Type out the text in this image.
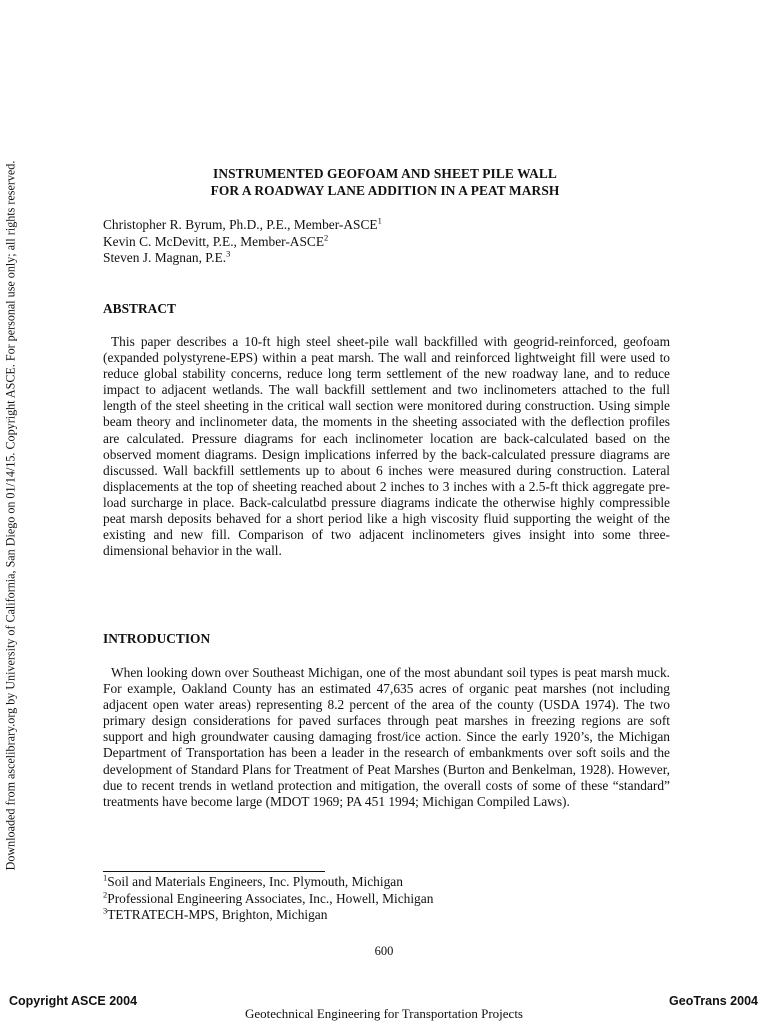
Downloaded from ascelibrary.org by University of California, San Diego on 01/14/15. Copyright ASCE. For personal use only; all rights reserved.	INSTRUMENTED GEOFOAM AND SHEET PILE WALL
FOR A ROADWAY LANE ADDITION IN A PEAT MARSH
Christopher R. Byrum, Ph.D., P.E., Member-ASCE$^1$
Kevin C. McDevitt, P.E., Member-ASCE$^2$
Steven J. Magnan, P.E.$^3$
ABSTRACT

This paper describes a 10-ft high steel sheet-pile wall backfilled with geogrid-reinforced, geofoam (expanded polystyrene-EPS) within a peat marsh. The wall and reinforced lightweight fill were used to reduce global stability concerns, reduce long term settlement of the new roadway lane, and to reduce impact to adjacent wetlands. The wall backfill settlement and two inclinometers attached to the full length of the steel sheeting in the critical wall section were monitored during construction. Using simple beam theory and inclinometer data, the moments in the sheeting associated with the deflection profiles are calculated. Pressure diagrams for each inclinometer location are back-calculated based on the observed moment diagrams. Design implications inferred by the back-calculated pressure diagrams are discussed. Wall backfill settlements up to about 6 inches were measured during construction. Lateral displacements at the top of sheeting reached about 2 inches to 3 inches with a 2.5-ft thick aggregate pre-load surcharge in place. Back-calculatbd pressure diagrams indicate the otherwise highly compressible peat marsh deposits behaved for a short period like a high viscosity fluid supporting the weight of the existing and new fill. Comparison of two adjacent inclinometers gives insight into some three-dimensional behavior in the wall.

INTRODUCTION

When looking down over Southeast Michigan, one of the most abundant soil types is peat marsh muck. For example, Oakland County has an estimated 47,635 acres of organic peat marshes (not including adjacent open water areas) representing 8.2 percent of the area of the county (USDA 1974). The two primary design considerations for paved surfaces through peat marshes in freezing regions are soft support and high groundwater causing damaging frost/ice action. Since the early 1920’s, the Michigan Department of Transportation has been a leader in the research of embankments over soft soils and the development of Standard Plans for Treatment of Peat Marshes (Burton and Benkelman, 1928). However, due to recent trends in wetland protection and mitigation, the overall costs of some of these “standard” treatments have become large (MDOT 1969; PA 451 1994; Michigan Compiled Laws).

$^1$Soil and Materials Engineers, Inc. Plymouth, Michigan
$^2$Professional Engineering Associates, Inc., Howell, Michigan
$^3$TETRATECH-MPS, Brighton, Michigan
600
Copyright ASCE 2004	GeoTrans 2004
Geotechnical Engineering for Transportation Projects
